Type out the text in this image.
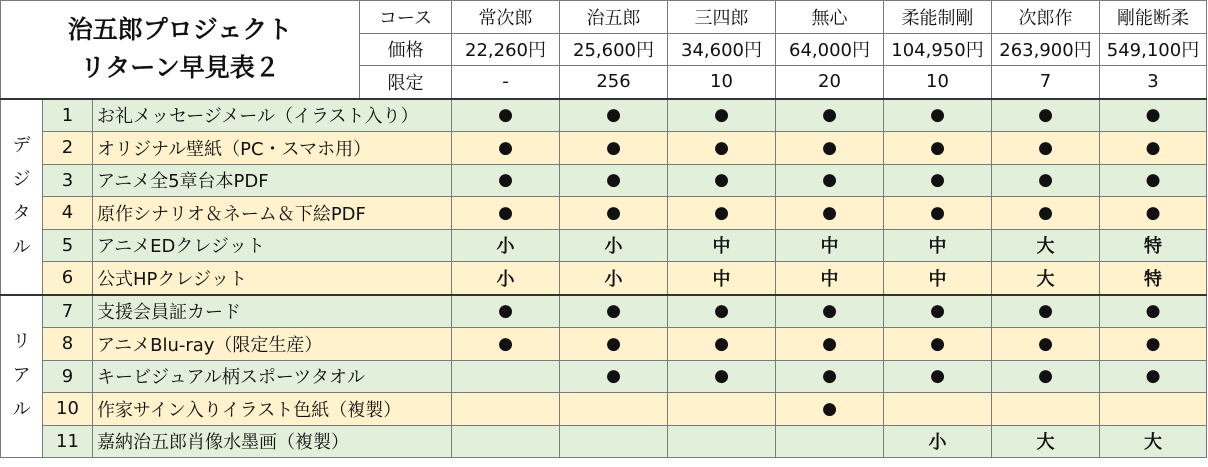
治五郎プロジェクト
リターン早見表２			コース	常次郎	治五郎	三四郎	無心	柔能制剛	次郎作	剛能断柔
			価格	22,260円	25,600円	34,600円	64,000円	104,950円	263,900円	549,100円
			限定	-	256	10	20	10	7	3

デ
ジ
タ
ル	1	お礼メッセージメール（イラスト入り）		●	●	●	●	●	●	●
	2	オリジナル壁紙（PC・スマホ用）		●	●	●	●	●	●	●
	3	アニメ全5章台本PDF		●	●	●	●	●	●	●
	4	原作シナリオ＆ネーム＆下絵PDF		●	●	●	●	●	●	●
	5	アニメEDクレジット		小	小	中	中	中	大	特
	6	公式HPクレジット		小	小	中	中	中	大	特

リ
ア
ル	7	支援会員証カード		●	●	●	●	●	●	●
	8	アニメBlu-ray（限定生産）		●	●	●	●	●	●	●
	9	キービジュアル柄スポーツタオル			●	●	●	●	●	●
	10	作家サイン入りイラスト色紙（複製）					●			
	11	嘉納治五郎肖像水墨画（複製）						小	大	大
